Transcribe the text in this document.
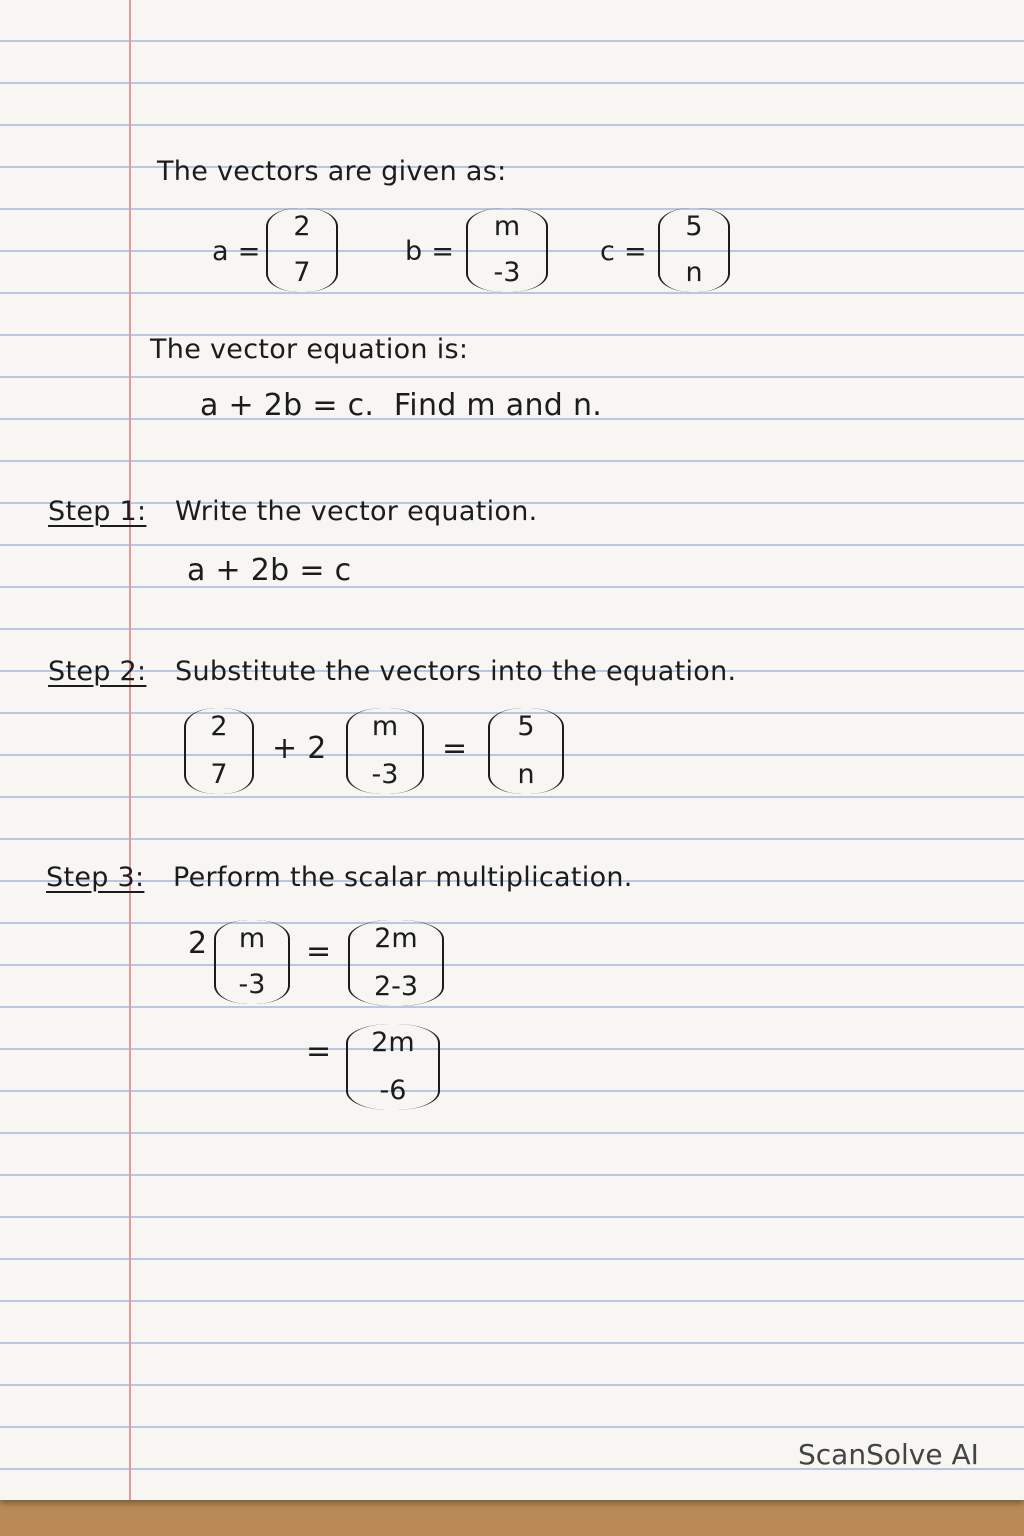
The vectors are given as:
a =
2
7
b =
m
-3
c =
5
n
The vector equation is:
a + 2b = c.  Find m and n.
Step 1: Write the vector equation.
a + 2b = c
Step 2: Substitute the vectors into the equation.
2
7
+ 2
m
-3
=
5
n
Step 3: Perform the scalar multiplication.
2 m
-3
= 2m
2-3
= 2m
-6
ScanSolve AI
